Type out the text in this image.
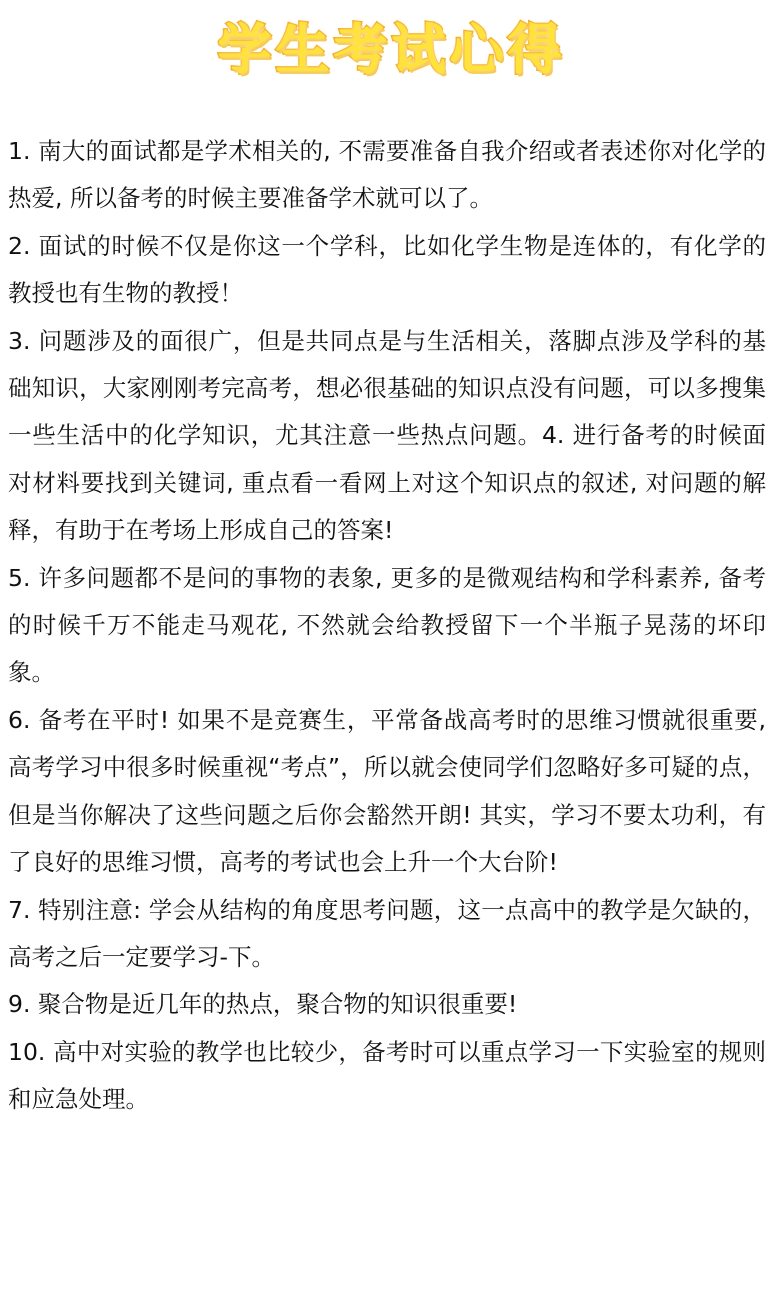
学生考试心得

1. 南大的面试都是学术相关的, 不需要准备自我介绍或者表述你对化学的热爱, 所以备考的时候主要准备学术就可以了。

2. 面试的时候不仅是你这一个学科，比如化学生物是连体的，有化学的教授也有生物的教授！

3. 问题涉及的面很广，但是共同点是与生活相关，落脚点涉及学科的基础知识，大家刚刚考完高考，想必很基础的知识点没有问题，可以多搜集一些生活中的化学知识，尤其注意一些热点问题。4. 进行备考的时候面对材料要找到关键词, 重点看一看网上对这个知识点的叙述, 对问题的解释，有助于在考场上形成自己的答案!

5. 许多问题都不是问的事物的表象, 更多的是微观结构和学科素养, 备考的时候千万不能走马观花, 不然就会给教授留下一个半瓶子晃荡的坏印象。

6. 备考在平时! 如果不是竞赛生，平常备战高考时的思维习惯就很重要, 高考学习中很多时候重视“考点”，所以就会使同学们忽略好多可疑的点，但是当你解决了这些问题之后你会豁然开朗! 其实，学习不要太功利，有了良好的思维习惯，高考的考试也会上升一个大台阶!

7. 特别注意: 学会从结构的角度思考问题，这一点高中的教学是欠缺的，高考之后一定要学习-下。

9. 聚合物是近几年的热点，聚合物的知识很重要!

10. 高中对实验的教学也比较少，备考时可以重点学习一下实验室的规则和应急处理。
